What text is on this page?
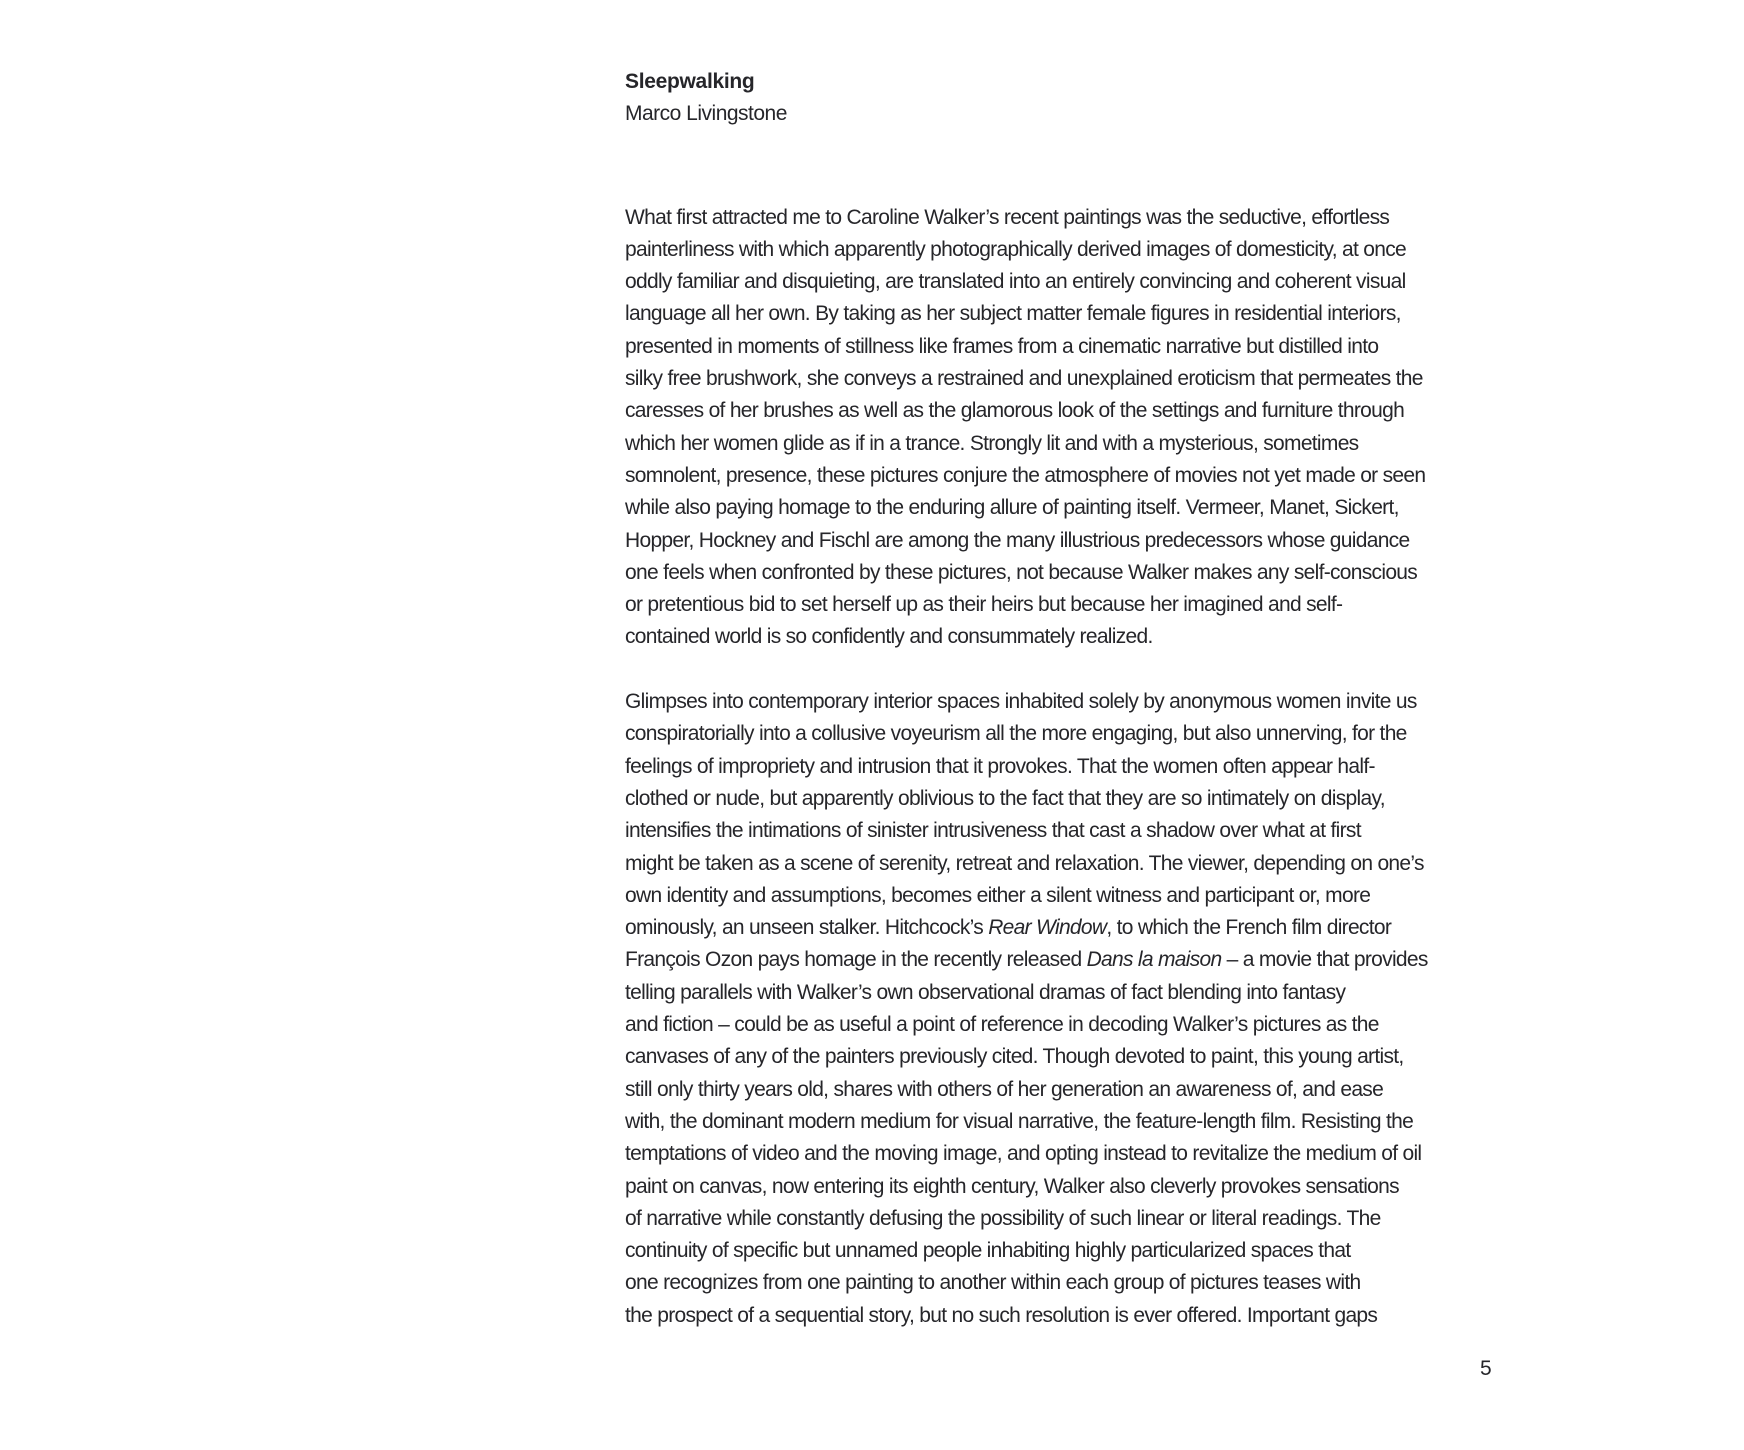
Sleepwalking
Marco Livingstone
What first attracted me to Caroline Walker’s recent paintings was the seductive, effortless
painterliness with which apparently photographically derived images of domesticity, at once
oddly familiar and disquieting, are translated into an entirely convincing and coherent visual
language all her own. By taking as her subject matter female figures in residential interiors,
presented in moments of stillness like frames from a cinematic narrative but distilled into
silky free brushwork, she conveys a restrained and unexplained eroticism that permeates the
caresses of her brushes as well as the glamorous look of the settings and furniture through
which her women glide as if in a trance. Strongly lit and with a mysterious, sometimes
somnolent, presence, these pictures conjure the atmosphere of movies not yet made or seen
while also paying homage to the enduring allure of painting itself. Vermeer, Manet, Sickert,
Hopper, Hockney and Fischl are among the many illustrious predecessors whose guidance
one feels when confronted by these pictures, not because Walker makes any self-conscious
or pretentious bid to set herself up as their heirs but because her imagined and self-
contained world is so confidently and consummately realized.
Glimpses into contemporary interior spaces inhabited solely by anonymous women invite us
conspiratorially into a collusive voyeurism all the more engaging, but also unnerving, for the
feelings of impropriety and intrusion that it provokes. That the women often appear half-
clothed or nude, but apparently oblivious to the fact that they are so intimately on display,
intensifies the intimations of sinister intrusiveness that cast a shadow over what at first
might be taken as a scene of serenity, retreat and relaxation. The viewer, depending on one’s
own identity and assumptions, becomes either a silent witness and participant or, more
ominously, an unseen stalker. Hitchcock’s Rear Window, to which the French film director
François Ozon pays homage in the recently released Dans la maison – a movie that provides
telling parallels with Walker’s own observational dramas of fact blending into fantasy
and fiction – could be as useful a point of reference in decoding Walker’s pictures as the
canvases of any of the painters previously cited. Though devoted to paint, this young artist,
still only thirty years old, shares with others of her generation an awareness of, and ease
with, the dominant modern medium for visual narrative, the feature-length film. Resisting the
temptations of video and the moving image, and opting instead to revitalize the medium of oil
paint on canvas, now entering its eighth century, Walker also cleverly provokes sensations
of narrative while constantly defusing the possibility of such linear or literal readings. The
continuity of specific but unnamed people inhabiting highly particularized spaces that
one recognizes from one painting to another within each group of pictures teases with
the prospect of a sequential story, but no such resolution is ever offered. Important gaps
5
